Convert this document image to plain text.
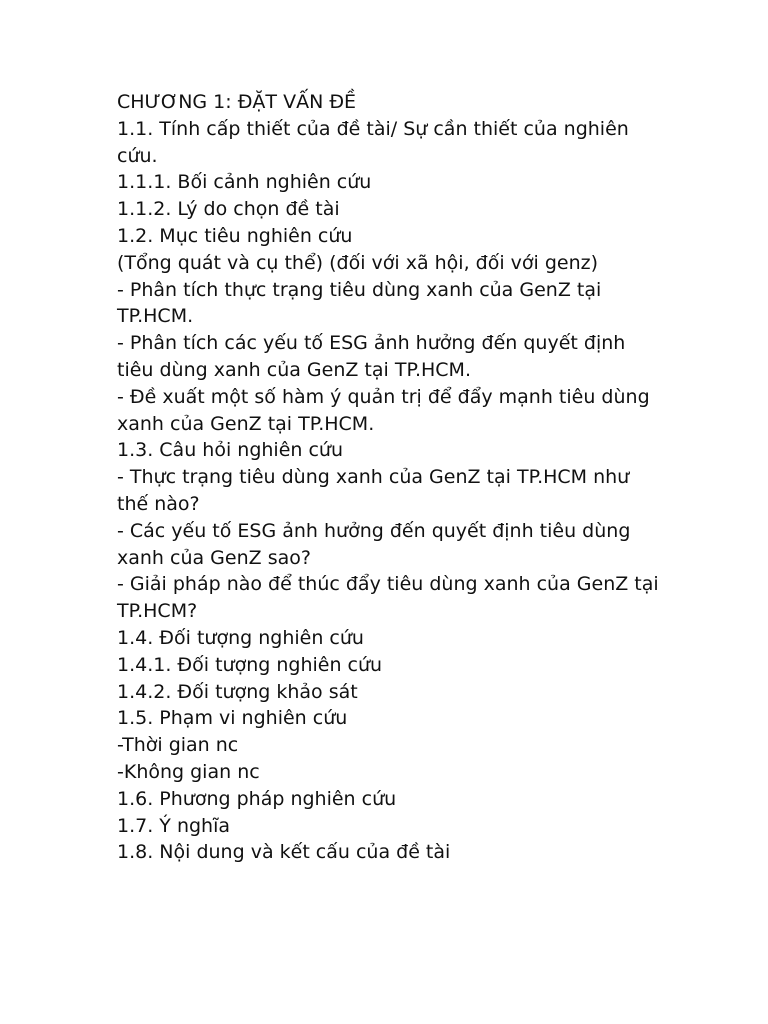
CHƯƠNG 1: ĐẶT VẤN ĐỀ
1.1. Tính cấp thiết của đề tài/ Sự cần thiết của nghiên
cứu.
1.1.1. Bối cảnh nghiên cứu
1.1.2. Lý do chọn đề tài
1.2. Mục tiêu nghiên cứu
(Tổng quát và cụ thể) (đối với xã hội, đối với genz)
- Phân tích thực trạng tiêu dùng xanh của GenZ tại
TP.HCM.
- Phân tích các yếu tố ESG ảnh hưởng đến quyết định
tiêu dùng xanh của GenZ tại TP.HCM.
- Đề xuất một số hàm ý quản trị để đẩy mạnh tiêu dùng
xanh của GenZ tại TP.HCM.
1.3. Câu hỏi nghiên cứu
- Thực trạng tiêu dùng xanh của GenZ tại TP.HCM như
thế nào?
- Các yếu tố ESG ảnh hưởng đến quyết định tiêu dùng
xanh của GenZ sao?
- Giải pháp nào để thúc đẩy tiêu dùng xanh của GenZ tại
TP.HCM?
1.4. Đối tượng nghiên cứu
1.4.1. Đối tượng nghiên cứu
1.4.2. Đối tượng khảo sát
1.5. Phạm vi nghiên cứu
-Thời gian nc
-Không gian nc
1.6. Phương pháp nghiên cứu
1.7. Ý nghĩa
1.8. Nội dung và kết cấu của đề tài
